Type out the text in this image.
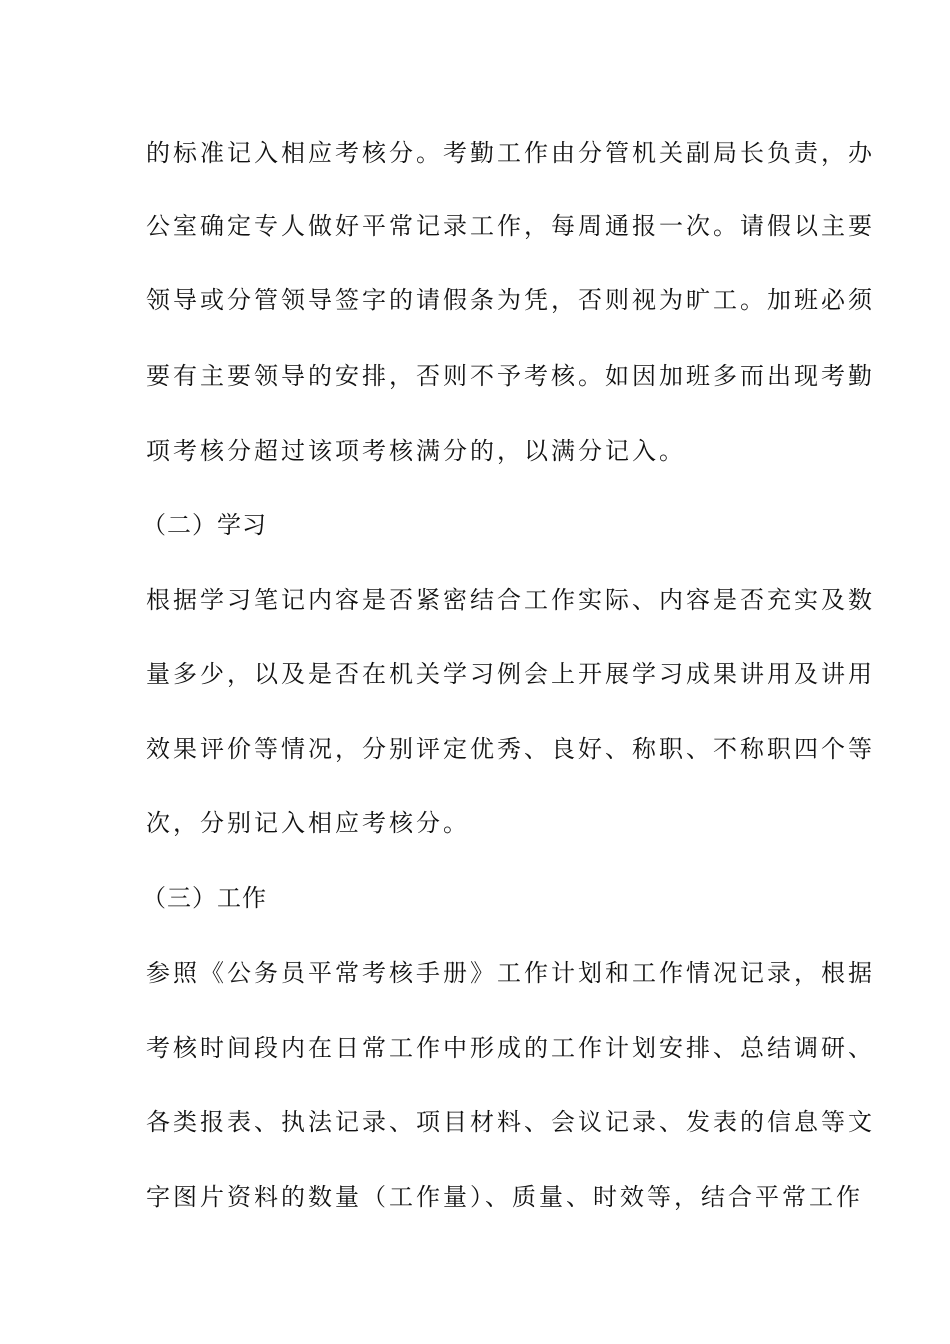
的标准记入相应考核分。考勤工作由分管机关副局长负责，办
公室确定专人做好平常记录工作，每周通报一次。请假以主要
领导或分管领导签字的请假条为凭，否则视为旷工。加班必须
要有主要领导的安排，否则不予考核。如因加班多而出现考勤
项考核分超过该项考核满分的，以满分记入。
（二）学习
根据学习笔记内容是否紧密结合工作实际、内容是否充实及数
量多少，以及是否在机关学习例会上开展学习成果讲用及讲用
效果评价等情况，分别评定优秀、良好、称职、不称职四个等
次，分别记入相应考核分。
（三）工作
参照《公务员平常考核手册》工作计划和工作情况记录，根据
考核时间段内在日常工作中形成的工作计划安排、总结调研、
各类报表、执法记录、项目材料、会议记录、发表的信息等文
字图片资料的数量（工作量）、质量、时效等，结合平常工作
